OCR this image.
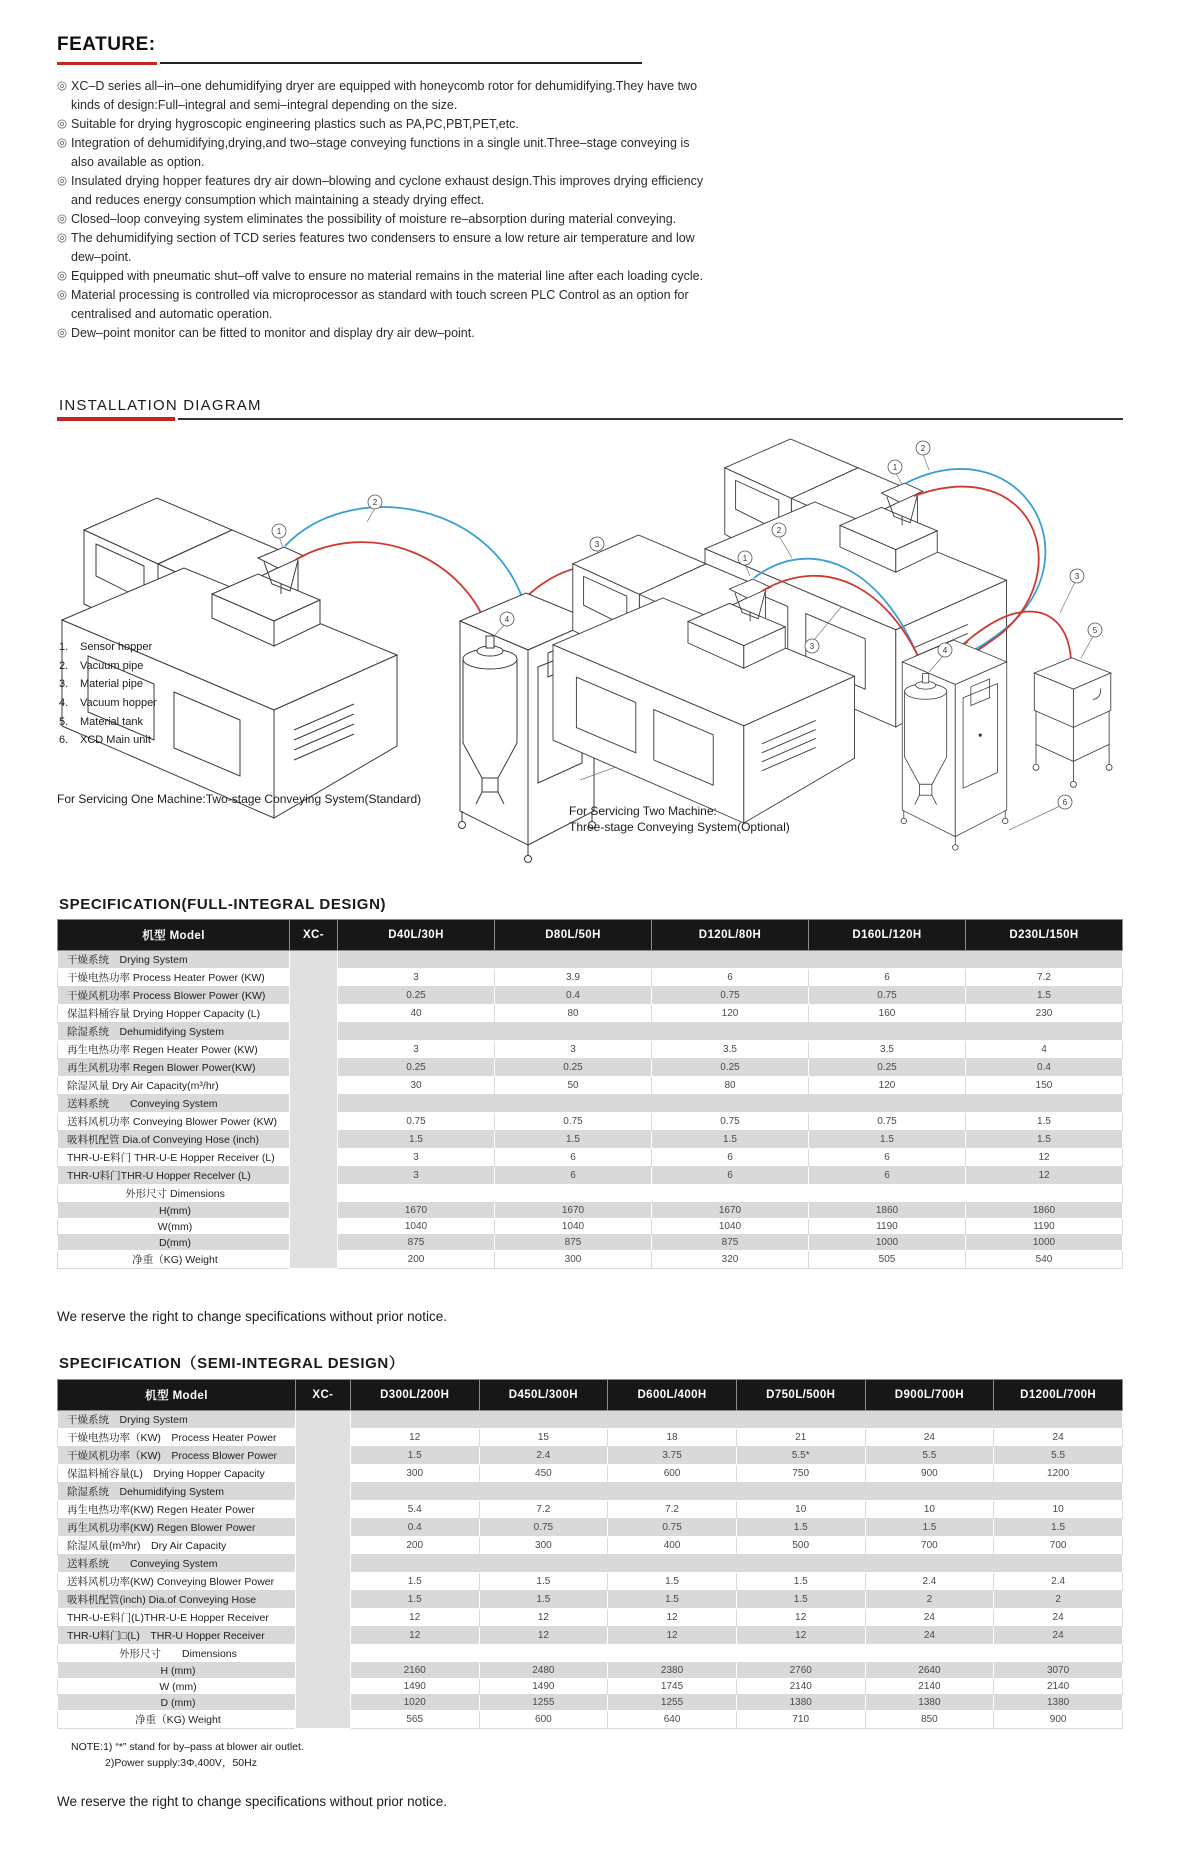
FEATURE:
◎ XC–D series all–in–one dehumidifying dryer are equipped with honeycomb rotor for dehumidifying.They have two kinds of design:Full–integral and semi–integral depending on the size.
◎ Suitable for drying hygroscopic engineering plastics such as PA,PC,PBT,PET,etc.
◎ Integration of dehumidifying,drying,and two–stage conveying functions in a single unit.Three–stage conveying is also available as option.
◎ Insulated drying hopper features dry air down–blowing and cyclone exhaust design.This improves drying efficiency and reduces energy consumption which maintaining a steady drying effect.
◎ Closed–loop conveying system eliminates the possibility of moisture re–absorption during material conveying.
◎ The dehumidifying section of TCD series features two condensers to ensure a low reture air temperature and low dew–point.
◎ Equipped with pneumatic shut–off valve to ensure no material remains in the material line after each loading cycle.
◎ Material processing is controlled via microprocessor as standard with touch screen PLC Control as an option for centralised and automatic operation.
◎ Dew–point monitor can be fitted to monitor and display dry air dew–point.
INSTALLATION DIAGRAM
1
2
3
4
1
2
3
1
2
3	4
5
6
1. Sensor hopper
2. Vacuum pipe
3. Material pipe
4. Vacuum hopper
5. Material tank
6. XCD Main unit
For Servicing One Machine:Two-stage Conveying System(Standard)
For Servicing Two Machine:
Three-stage Conveying System(Optional)
SPECIFICATION(FULL-INTEGRAL DESIGN)
机型 Model	XC-	D40L/30H	D80L/50H	D120L/80H	D160L/120H	D230L/150H
干燥系统　Drying System						
干燥电热功率 Process Heater Power (KW)		3	3.9	6	6	7.2
干燥风机功率 Process Blower Power (KW)		0.25	0.4	0.75	0.75	1.5
保温料桶容量 Drying Hopper Capacity (L)		40	80	120	160	230
除湿系统　Dehumidifying System						
再生电热功率 Regen Heater Power (KW)		3	3	3.5	3.5	4
再生风机功率 Regen Blower Power(KW)		0.25	0.25	0.25	0.25	0.4
除湿风量 Dry Air Capacity(m³/hr)		30	50	80	120	150
送料系统　　Conveying System						
送料风机功率 Conveying Blower Power (KW)		0.75	0.75	0.75	0.75	1.5
吸料机配管 Dia.of Conveying Hose (inch)		1.5	1.5	1.5	1.5	1.5
THR-U-E料门 THR-U-E Hopper Receiver (L)		3	6	6	6	12
THR-U料门THR-U Hopper Recelver (L)		3	6	6	6	12
外形尺寸 Dimensions						
H(mm)		1670	1670	1670	1860	1860
W(mm)		1040	1040	1040	1190	1190
D(mm)		875	875	875	1000	1000
净重（KG) Weight		200	300	320	505	540
We reserve the right to change specifications without prior notice.
SPECIFICATION（SEMI-INTEGRAL DESIGN）
机型 Model	XC-	D300L/200H	D450L/300H	D600L/400H	D750L/500H	D900L/700H	D1200L/700H
干燥系统　Drying System							
干燥电热功率（KW)　Process Heater Power		12	15	18	21	24	24
干燥风机功率（KW)　Process Blower Power		1.5	2.4	3.75	5.5*	5.5	5.5
保温料桶容量(L)　Drying Hopper Capacity		300	450	600	750	900	1200
除湿系统　Dehumidifying System							
再生电热功率(KW) Regen Heater Power		5.4	7.2	7.2	10	10	10
再生风机功率(KW) Regen Blower Power		0.4	0.75	0.75	1.5	1.5	1.5
除湿风量(m³/hr)　Dry Air Capacity		200	300	400	500	700	700
送料系统　　Conveying System							
送料风机功率(KW) Conveying Blower Power		1.5	1.5	1.5	1.5	2.4	2.4
吸料机配管(inch) Dia.of Conveying Hose		1.5	1.5	1.5	1.5	2	2
THR-U-E料门(L)THR-U-E Hopper Receiver		12	12	12	12	24	24
THR-U料门□(L)　THR-U Hopper Receiver		12	12	12	12	24	24
外形尺寸　　Dimensions							
H (mm)		2160	2480	2380	2760	2640	3070
W (mm)		1490	1490	1745	2140	2140	2140
D (mm)		1020	1255	1255	1380	1380	1380
净重（KG) Weight		565	600	640	710	850	900
NOTE:1) “*” stand for by–pass at blower air outlet.
2)Power supply:3Φ,400V，50Hz
We reserve the right to change specifications without prior notice.
